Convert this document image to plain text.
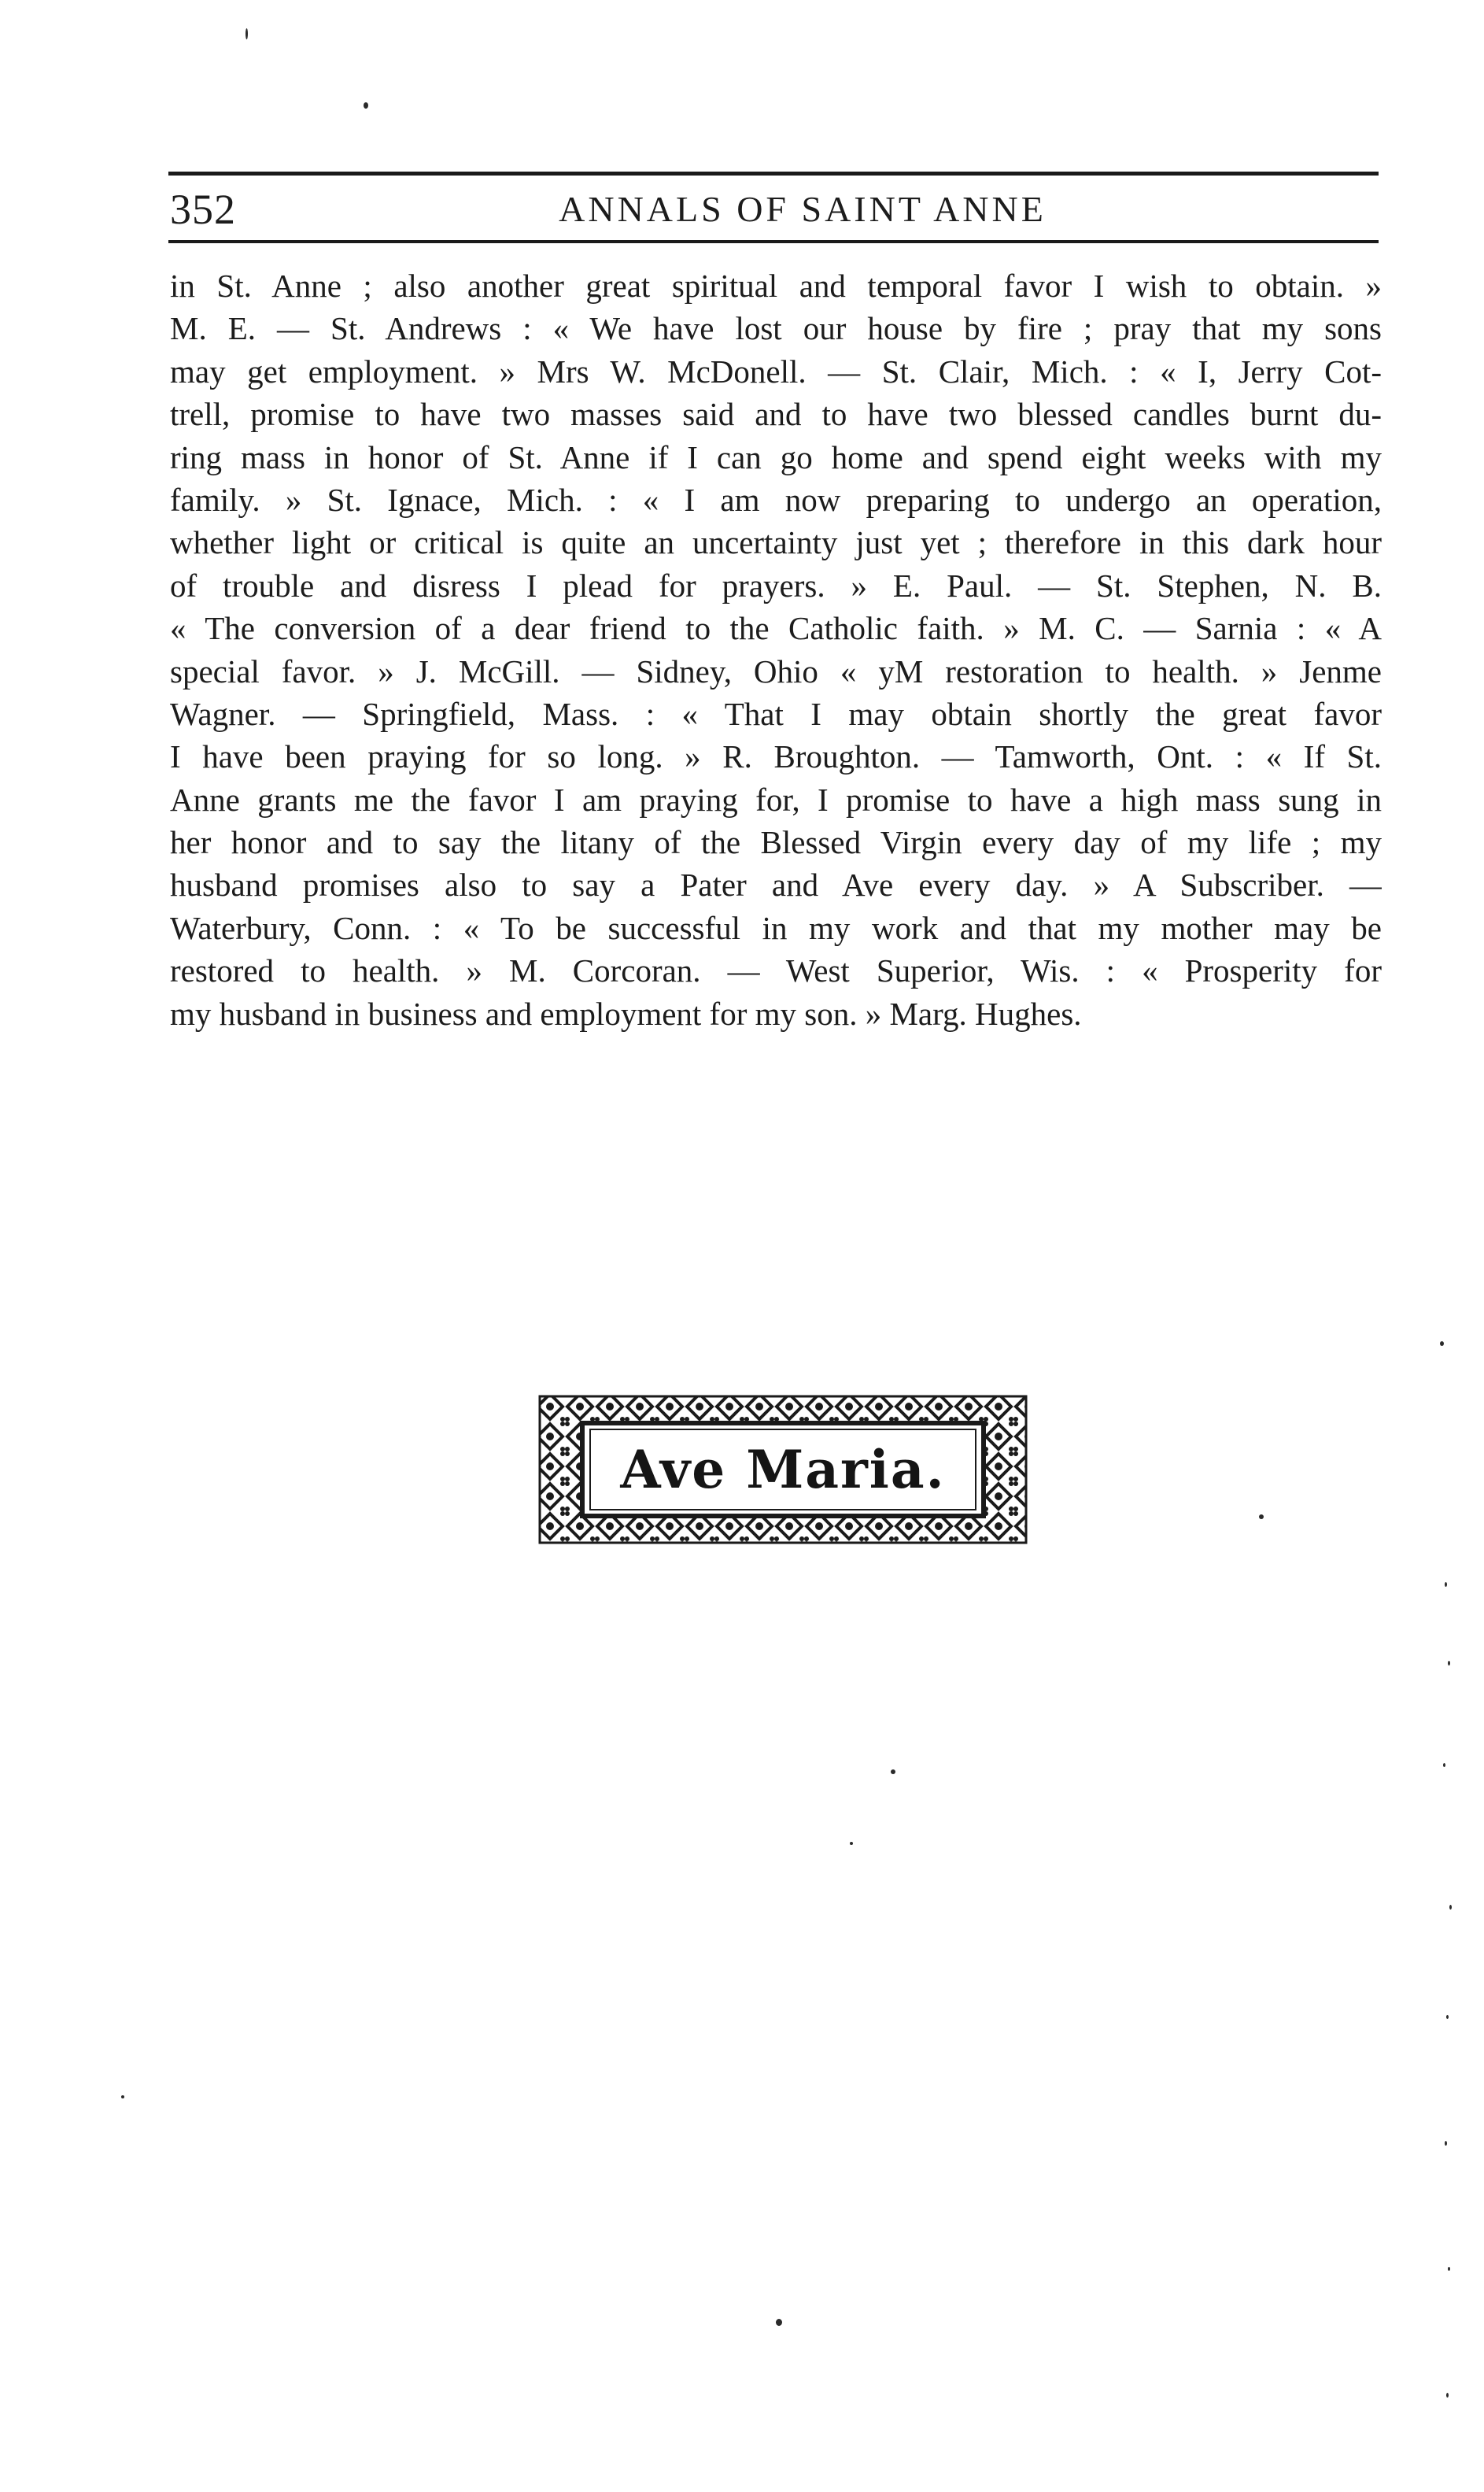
352	ANNALS OF SAINT ANNE
in St. Anne ; also another great spiritual and temporal favor I wish to obtain. »
M. E. — St. Andrews : « We have lost our house by fire ; pray that my sons
may get employment. » Mrs W. McDonell. — St. Clair, Mich. : « I, Jerry Cot-
trell, promise to have two masses said and to have two blessed candles burnt du-
ring mass in honor of St. Anne if I can go home and spend eight weeks with my
family. » St. Ignace, Mich. : « I am now preparing to undergo an operation,
whether light or critical is quite an uncertainty just yet ; therefore in this dark hour
of trouble and disress I plead for prayers. » E. Paul. — St. Stephen, N. B.
« The conversion of a dear friend to the Catholic faith. » M. C. — Sarnia : « A
special favor. » J. McGill. — Sidney, Ohio « yM restoration to health. » Jenme
Wagner. — Springfield, Mass. : « That I may obtain shortly the great favor
I have been praying for so long. » R. Broughton. — Tamworth, Ont. : « If St.
Anne grants me the favor I am praying for, I promise to have a high mass sung in
her honor and to say the litany of the Blessed Virgin every day of my life ; my
husband promises also to say a Pater and Ave every day. » A Subscriber. —
Waterbury, Conn. : « To be successful in my work and that my mother may be
restored to health. » M. Corcoran. — West Superior, Wis. : « Prosperity for
my husband in business and employment for my son. » Marg. Hughes.
Ave Maria.
